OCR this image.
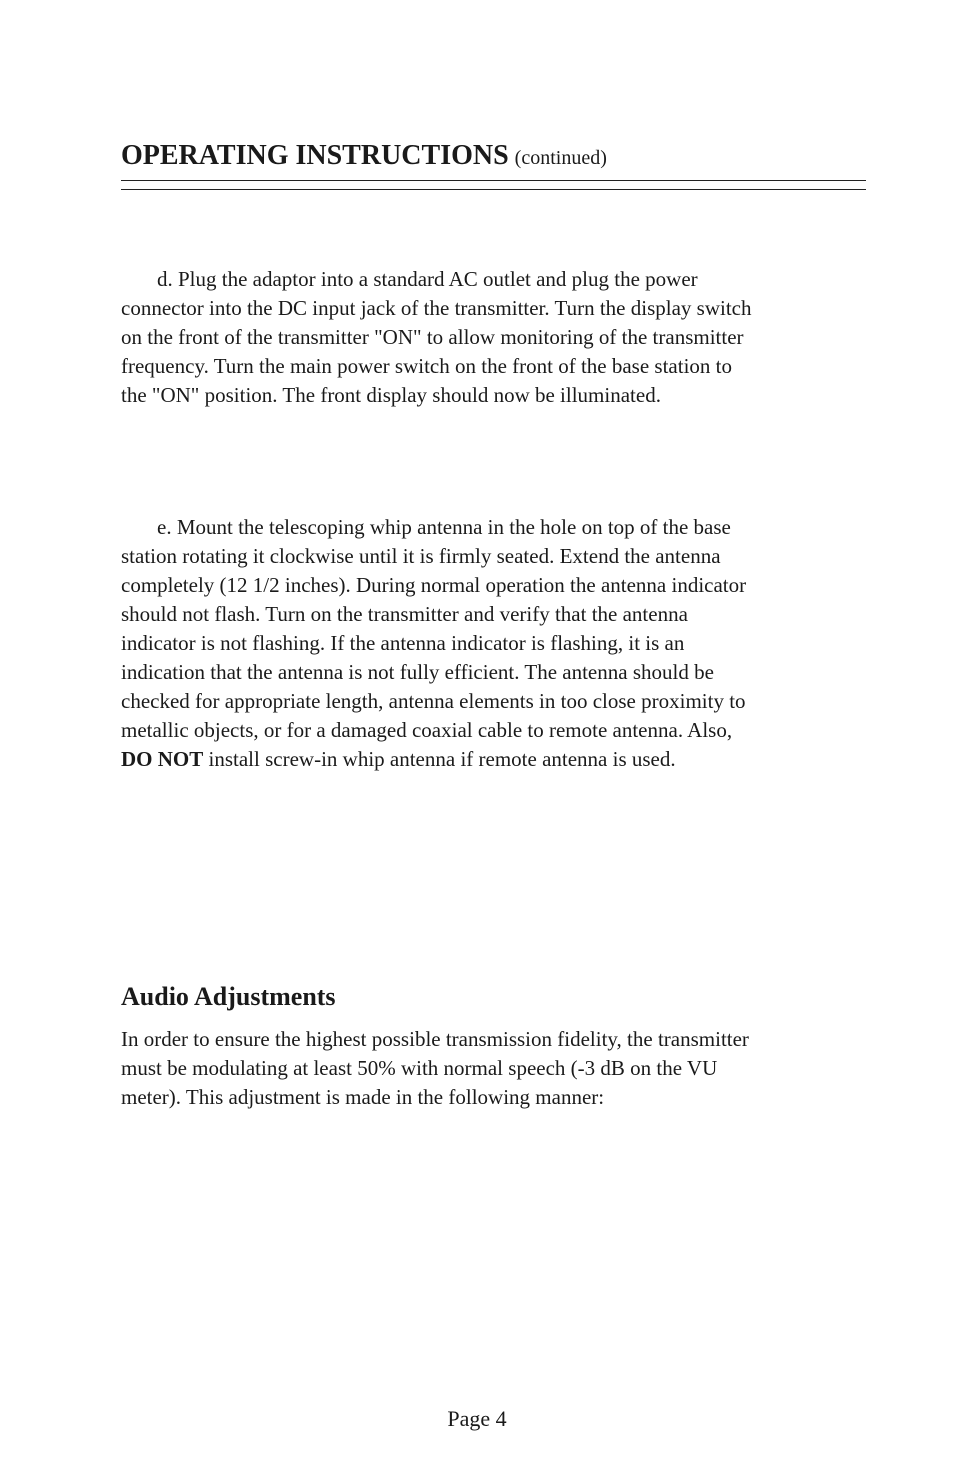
OPERATING INSTRUCTIONS (continued)

d. Plug the adaptor into a standard AC outlet and plug the power connector into the DC input jack of the transmitter. Turn the display switch on the front of the transmitter "ON" to allow monitoring of the transmitter frequency. Turn the main power switch on the front of the base station to the "ON" position. The front display should now be illuminated.

e. Mount the telescoping whip antenna in the hole on top of the base station rotating it clockwise until it is firmly seated. Extend the antenna completely (12 1/2 inches). During normal operation the antenna indicator should not flash. Turn on the transmitter and verify that the antenna indicator is not flashing. If the antenna indicator is flashing, it is an indication that the antenna is not fully efficient. The antenna should be checked for appropriate length, antenna elements in too close proximity to metallic objects, or for a damaged coaxial cable to remote antenna. Also, DO NOT install screw-in whip antenna if remote antenna is used.

Audio Adjustments

In order to ensure the highest possible transmission fidelity, the transmitter must be modulating at least 50% with normal speech (-3 dB on the VU meter). This adjustment is made in the following manner:

Page 4
